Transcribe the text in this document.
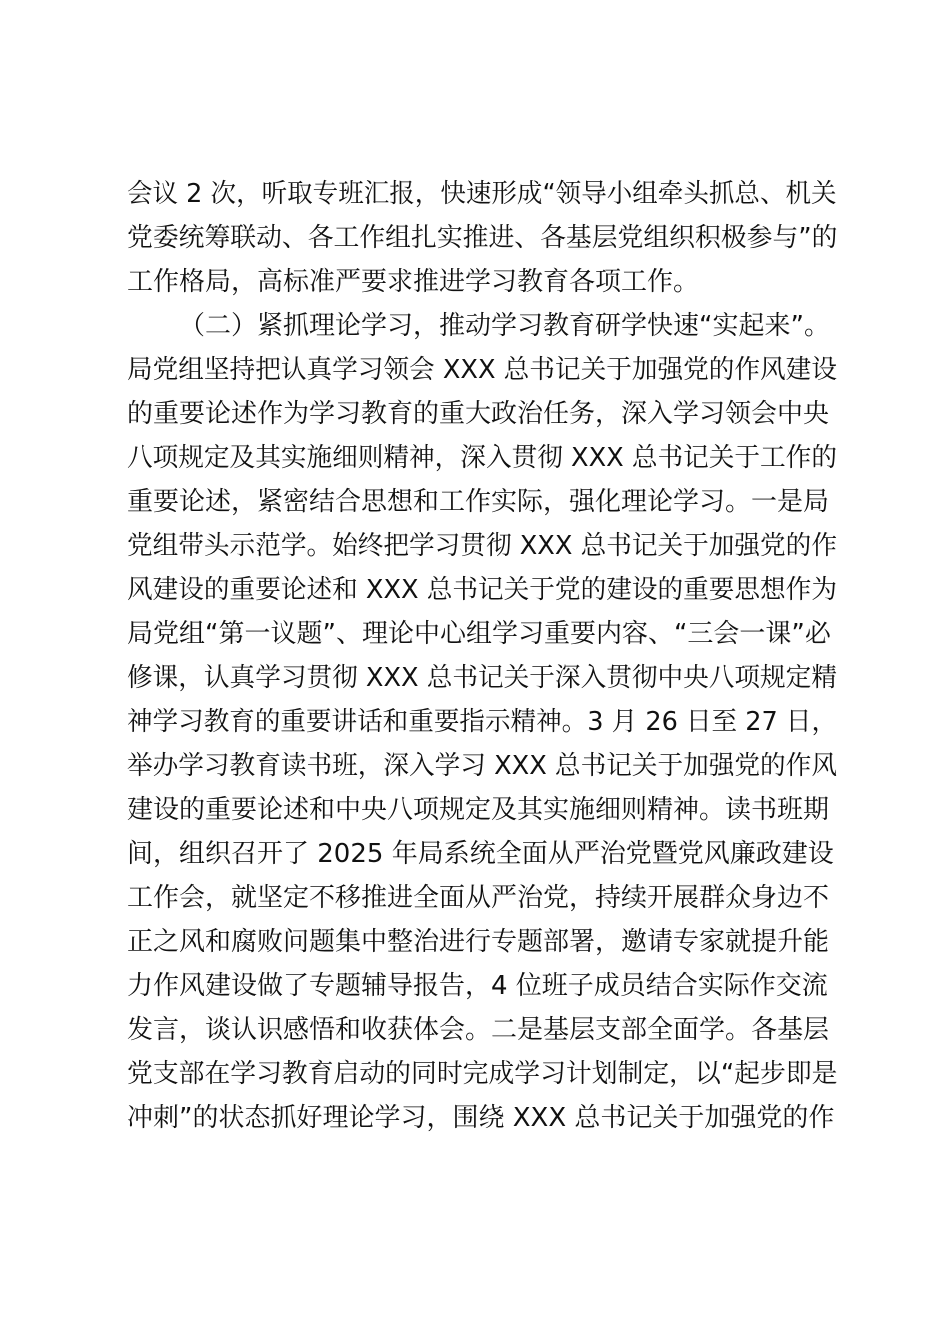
会议 2 次，听取专班汇报，快速形成“领导小组牵头抓总、机关
党委统筹联动、各工作组扎实推进、各基层党组织积极参与”的
工作格局，高标准严要求推进学习教育各项工作。
（二）紧抓理论学习，推动学习教育研学快速“实起来”。
局党组坚持把认真学习领会 XXX 总书记关于加强党的作风建设
的重要论述作为学习教育的重大政治任务，深入学习领会中央
八项规定及其实施细则精神，深入贯彻 XXX 总书记关于工作的
重要论述，紧密结合思想和工作实际，强化理论学习。一是局
党组带头示范学。始终把学习贯彻 XXX 总书记关于加强党的作
风建设的重要论述和 XXX 总书记关于党的建设的重要思想作为
局党组“第一议题”、理论中心组学习重要内容、“三会一课”必
修课，认真学习贯彻 XXX 总书记关于深入贯彻中央八项规定精
神学习教育的重要讲话和重要指示精神。3 月 26 日至 27 日，
举办学习教育读书班，深入学习 XXX 总书记关于加强党的作风
建设的重要论述和中央八项规定及其实施细则精神。读书班期
间，组织召开了 2025 年局系统全面从严治党暨党风廉政建设
工作会，就坚定不移推进全面从严治党，持续开展群众身边不
正之风和腐败问题集中整治进行专题部署，邀请专家就提升能
力作风建设做了专题辅导报告，4 位班子成员结合实际作交流
发言，谈认识感悟和收获体会。二是基层支部全面学。各基层
党支部在学习教育启动的同时完成学习计划制定，以“起步即是
冲刺”的状态抓好理论学习，围绕 XXX 总书记关于加强党的作
